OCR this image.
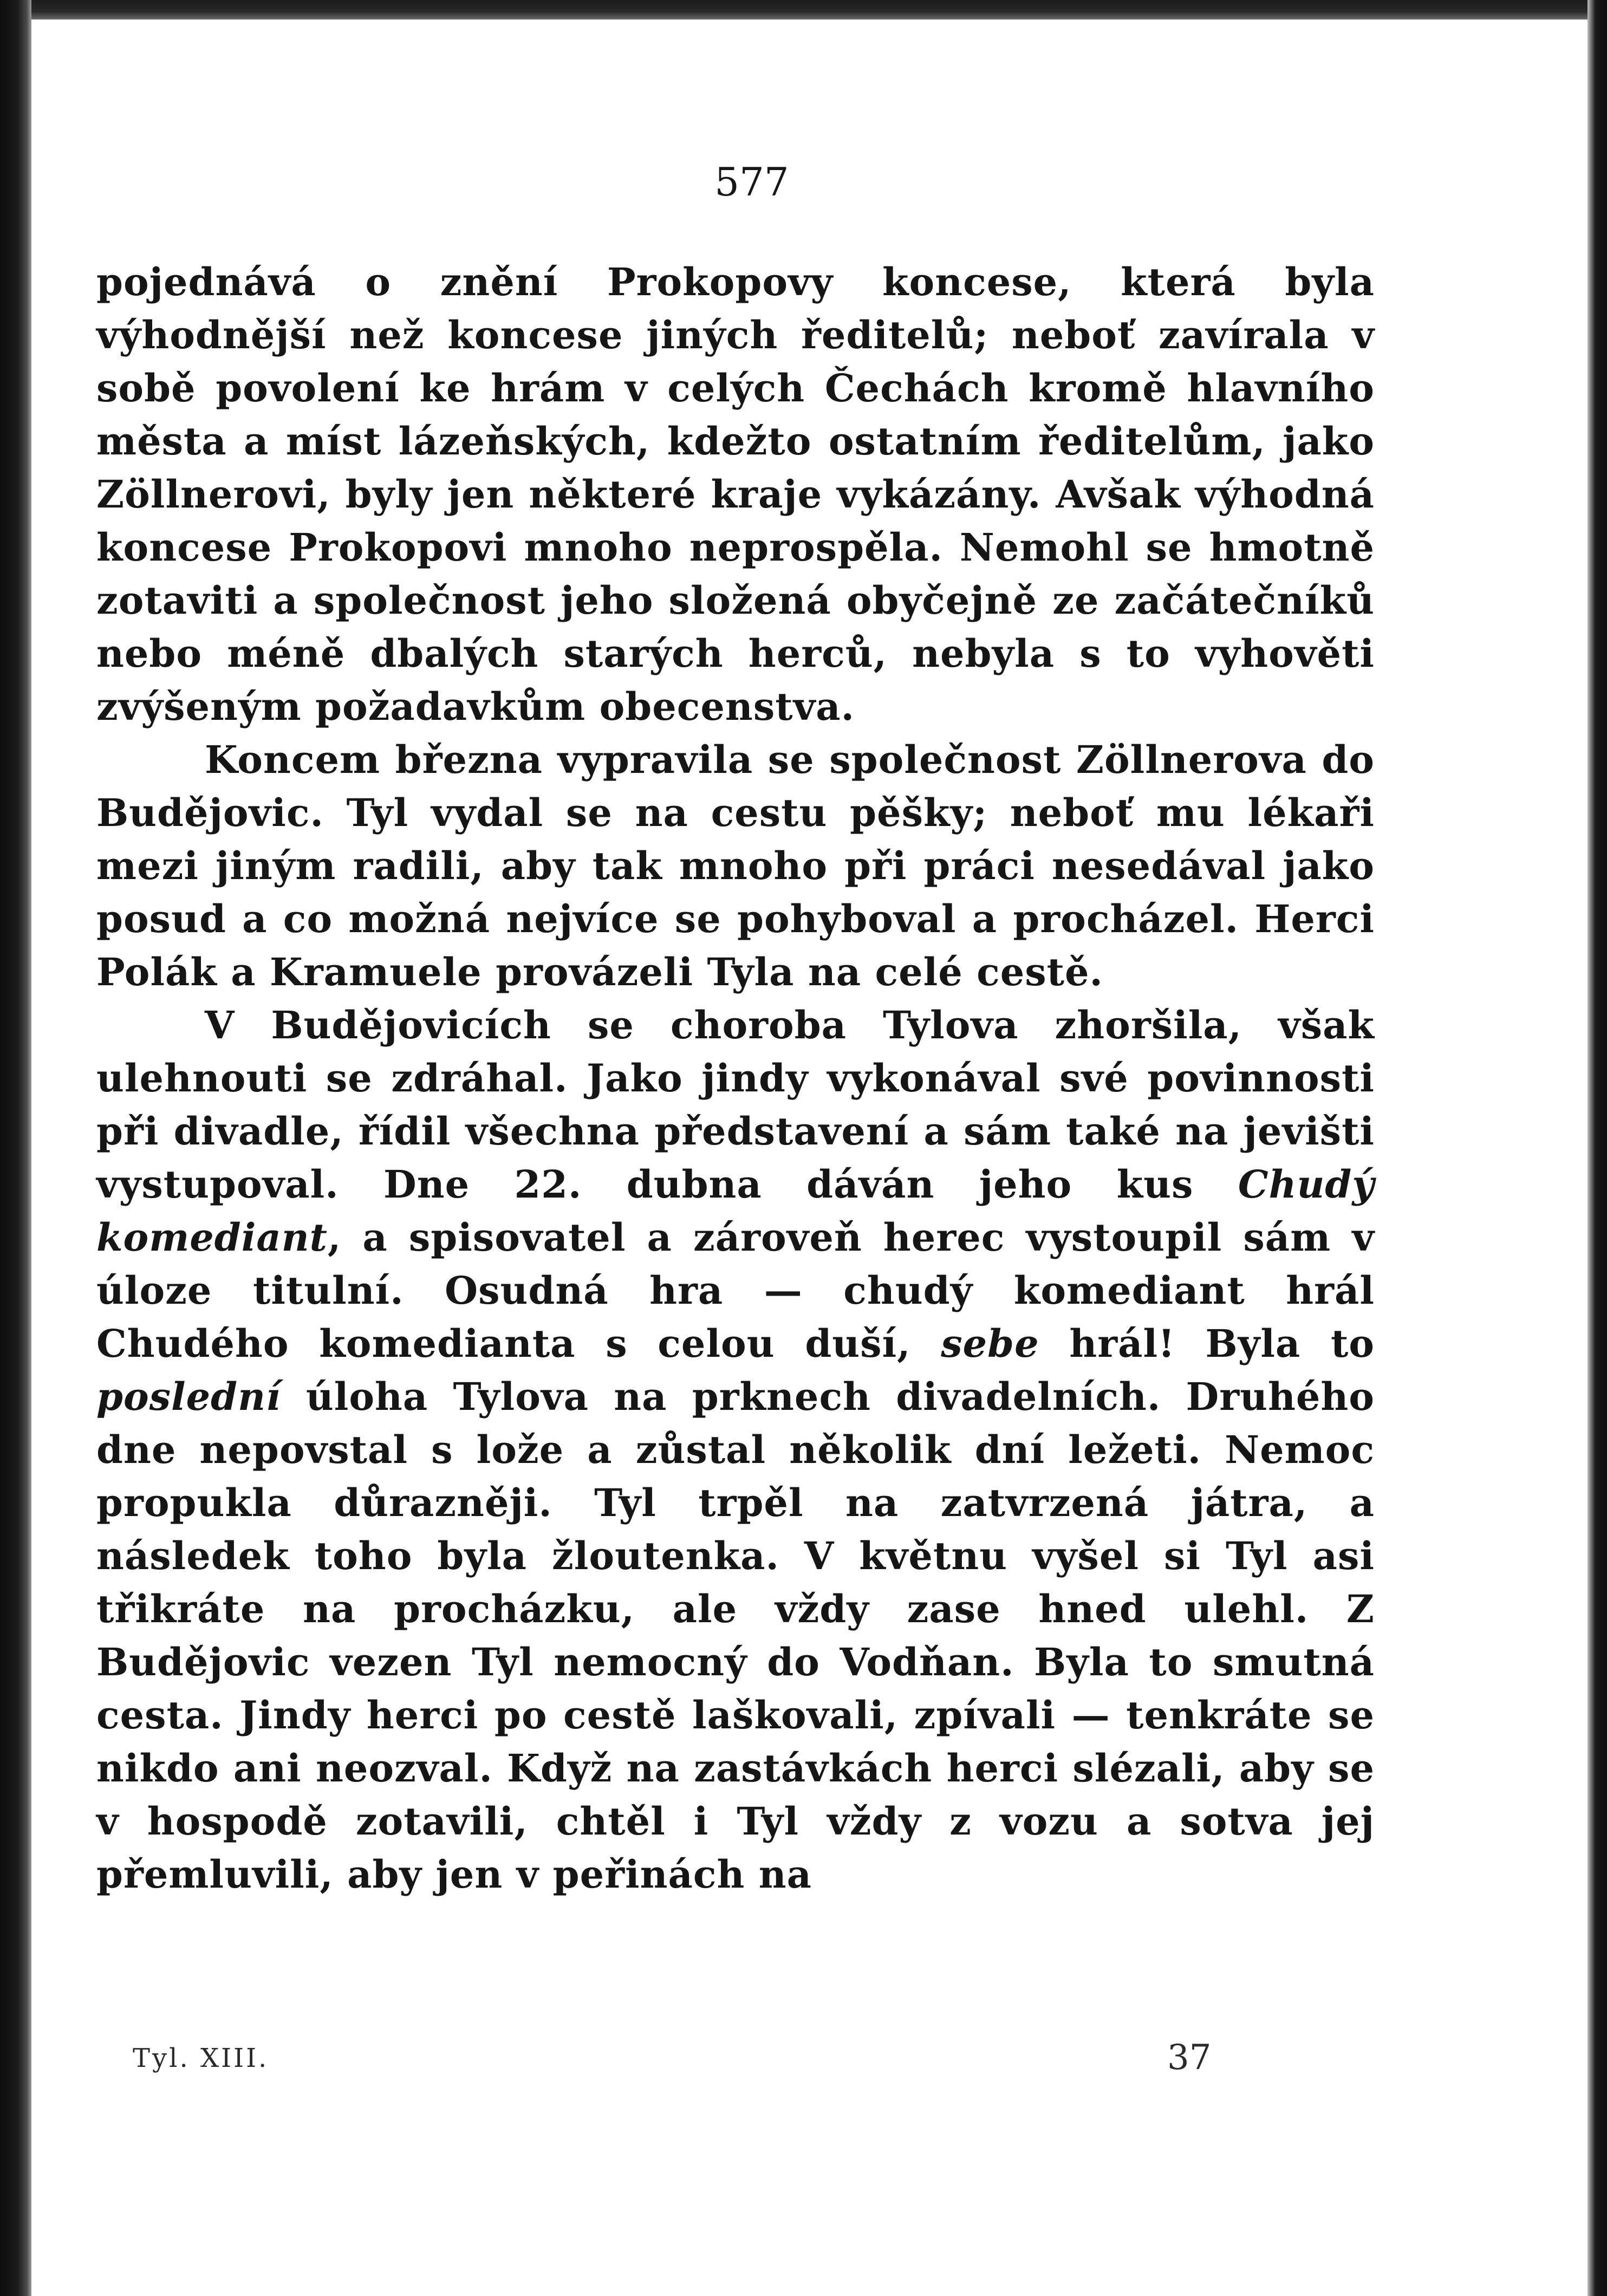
577

pojednává o znění Prokopovy koncese, která byla výhodnější než koncese jiných ředitelů; neboť zavírala v sobě povolení ke hrám v celých Čechách kromě hlavního města a míst lázeňských, kdežto ostatním ředitelům, jako Zöllnerovi, byly jen některé kraje vykázány. Avšak výhodná koncese Prokopovi mnoho neprospěla. Nemohl se hmotně zotaviti a společnost jeho složená obyčejně ze začátečníků nebo méně dbalých starých herců, nebyla s to vyhověti zvýšeným požadavkům obecenstva.

Koncem března vypravila se společnost Zöllnerova do Budějovic. Tyl vydal se na cestu pěšky; neboť mu lékaři mezi jiným radili, aby tak mnoho při práci nesedával jako posud a co možná nejvíce se pohyboval a procházel. Herci Polák a Kramuele provázeli Tyla na celé cestě.

V Budějovicích se choroba Tylova zhoršila, však ulehnouti se zdráhal. Jako jindy vykonával své povinnosti při divadle, řídil všechna představení a sám také na jevišti vystupoval. Dne 22. dubna dáván jeho kus Chudý komediant, a spisovatel a zároveň herec vystoupil sám v úloze titulní. Osudná hra — chudý komediant hrál Chudého komedianta s celou duší, sebe hrál! Byla to poslední úloha Tylova na prknech divadelních. Druhého dne nepovstal s lože a zůstal několik dní ležeti. Nemoc propukla důrazněji. Tyl trpěl na zatvrzená játra, a následek toho byla žloutenka. V květnu vyšel si Tyl asi třikráte na procházku, ale vždy zase hned ulehl. Z Budějovic vezen Tyl nemocný do Vodňan. Byla to smutná cesta. Jindy herci po cestě laškovali, zpívali — tenkráte se nikdo ani neozval. Když na zastávkách herci slézali, aby se v hospodě zotavili, chtěl i Tyl vždy z vozu a sotva jej přemluvili, aby jen v peřinách na

Tyl. XIII.	37
